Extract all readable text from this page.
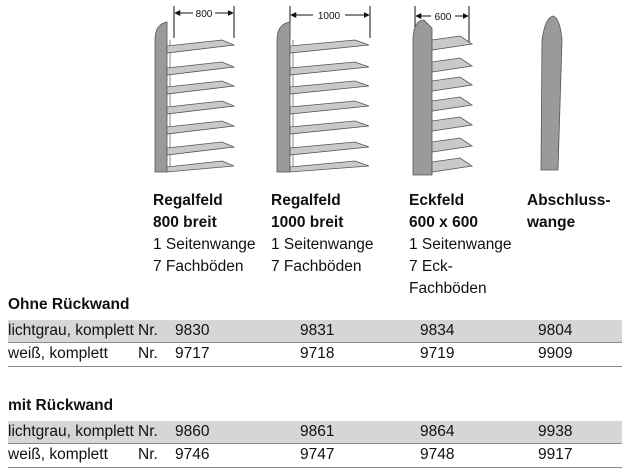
800	1000	600
Regalfeld
800 breit
1 Seitenwange
7 Fachböden
Regalfeld
1000 breit
1 Seitenwange
7 Fachböden
Eckfeld
600 x 600
1 Seitenwange
7 Eck-
Fachböden
Abschluss-
wange
Ohne Rückwand
lichtgrau, komplett Nr. 9830	9831	9834	9804
weiß, komplett Nr. 9717	9718	9719	9909
mit Rückwand
lichtgrau, komplett Nr. 9860	9861	9864	9938
weiß, komplett Nr. 9746	9747	9748	9917
